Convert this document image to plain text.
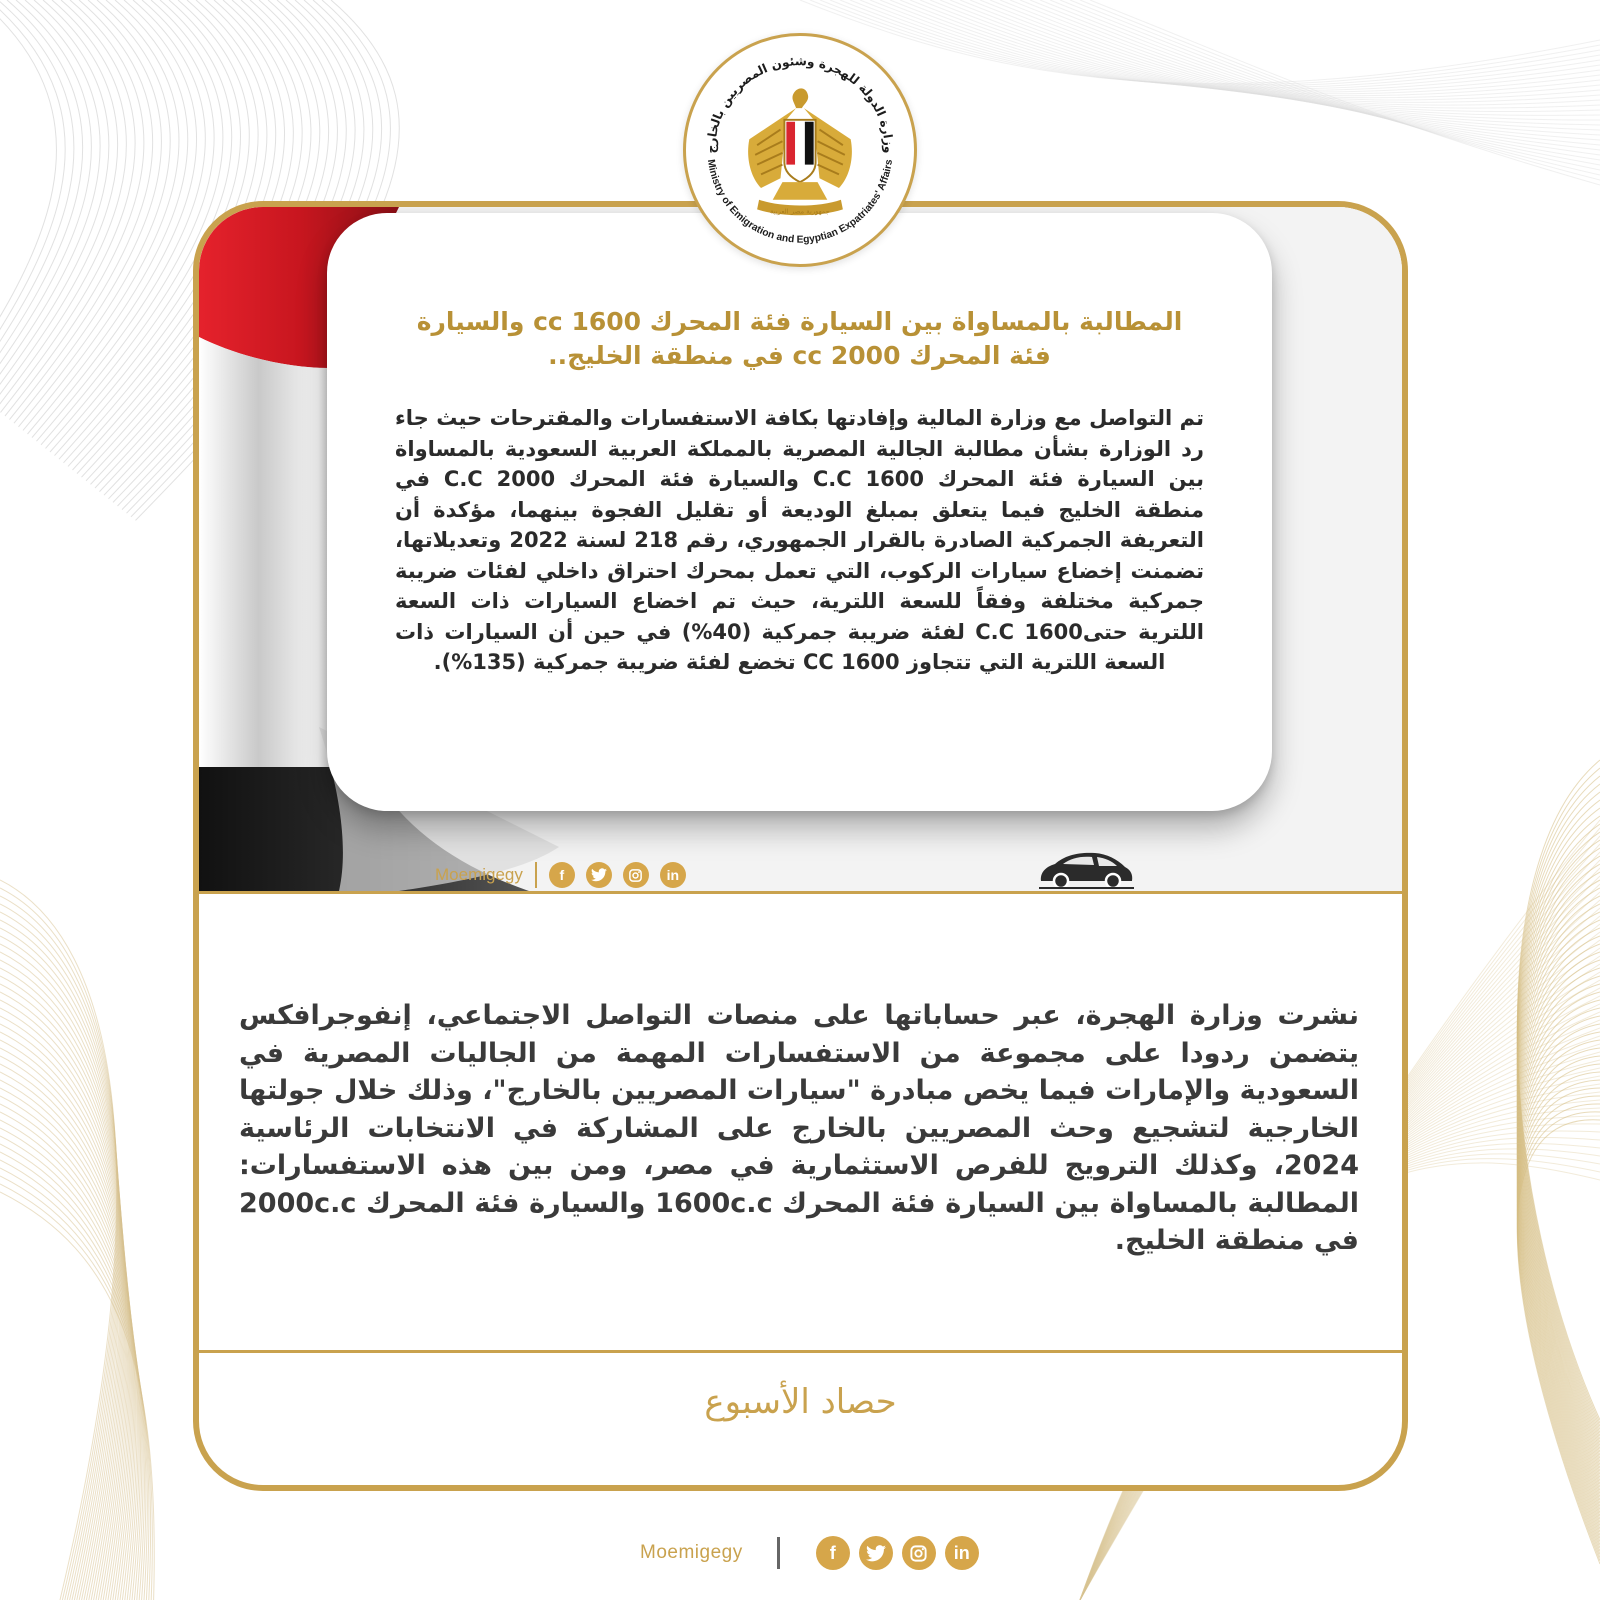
المطالبة بالمساواة بين السيارة فئة المحرك 1600 cc والسيارة فئة المحرك 2000 cc في منطقة الخليج..
تم التواصل مع وزارة المالية وإفادتها بكافة الاستفسارات والمقترحات حيث جاء رد الوزارة بشأن مطالبة الجالية المصرية بالمملكة العربية السعودية بالمساواة بين السيارة فئة المحرك 1600 C.C والسيارة فئة المحرك 2000 C.C في منطقة الخليج فيما يتعلق بمبلغ الوديعة أو تقليل الفجوة بينهما، مؤكدة أن التعريفة الجمركية الصادرة بالقرار الجمهوري، رقم 218 لسنة 2022 وتعديلاتها، تضمنت إخضاع سيارات الركوب، التي تعمل بمحرك احتراق داخلي لفئات ضريبة جمركية مختلفة وفقاً للسعة اللترية، حيث تم اخضاع السيارات ذات السعة اللترية حتى1600 C.C لفئة ضريبة جمركية (40%) في حين أن السيارات ذات السعة اللترية التي تتجاوز 1600 CC تخضع لفئة ضريبة جمركية (135%).
Moemigegy	f	in
نشرت وزارة الهجرة، عبر حساباتها على منصات التواصل الاجتماعي، إنفوجرافكس يتضمن ردودا على مجموعة من الاستفسارات المهمة من الجاليات المصرية في السعودية والإمارات فيما يخص مبادرة "سيارات المصريين بالخارج"، وذلك خلال جولتها الخارجية لتشجيع وحث المصريين بالخارج على المشاركة في الانتخابات الرئاسية 2024، وكذلك الترويج للفرص الاستثمارية في مصر، ومن بين هذه الاستفسارات: المطالبة بالمساواة بين السيارة فئة المحرك 1600c.c والسيارة فئة المحرك 2000c.c في منطقة الخليج.
حصاد الأسبوع
وزارة الدولة للهجرة وشئون المصريين بالخارج
Ministry of Emigration and Egyptian Expatriates' Affairs
جمهورية مصر العربية
Moemigegy	f	in
